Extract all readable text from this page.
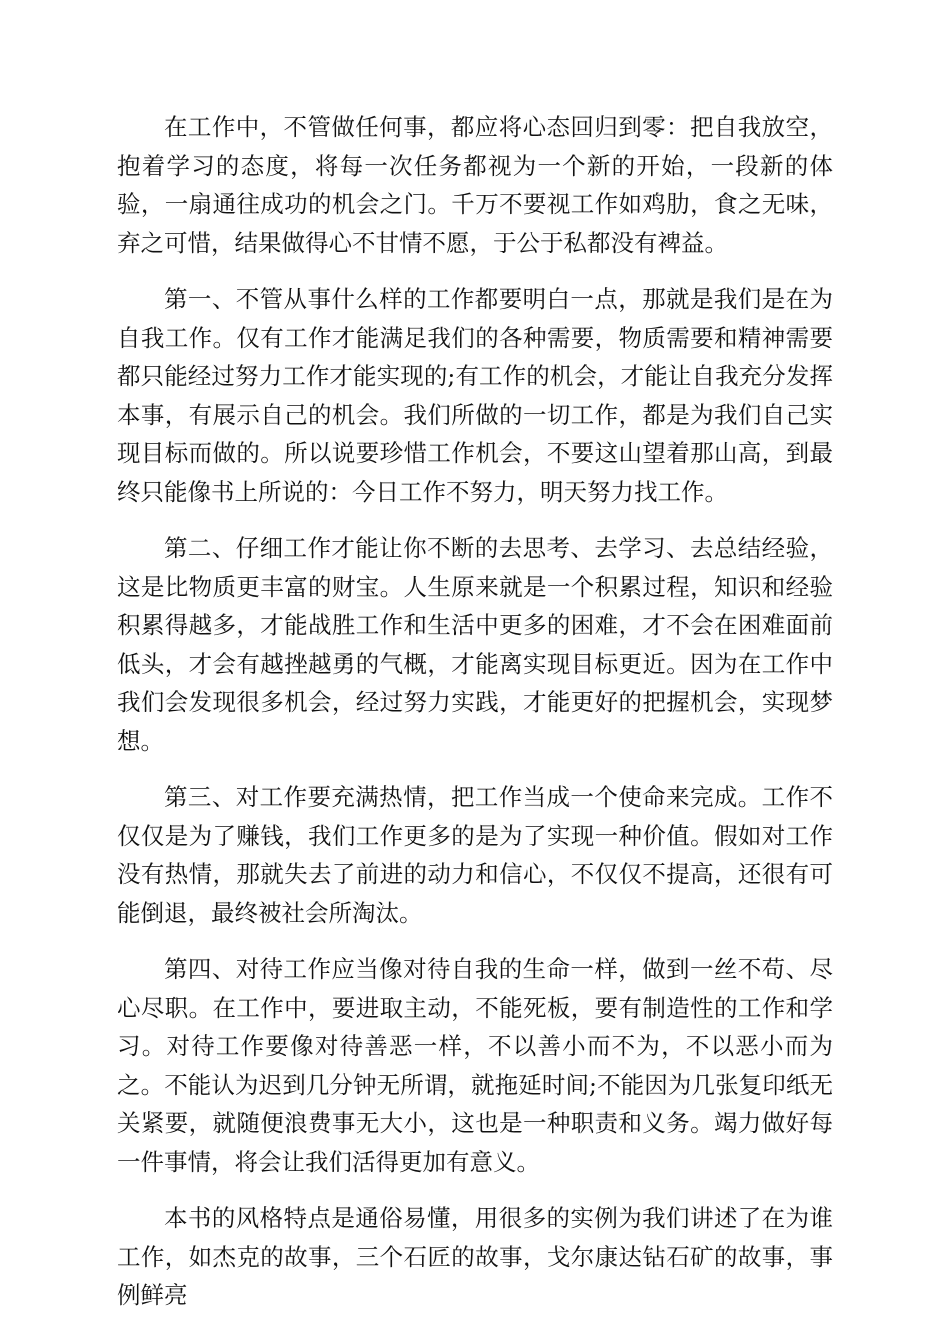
在工作中，不管做任何事，都应将心态回归到零：把自我放空，抱着学习的态度，将每一次任务都视为一个新的开始，一段新的体验，一扇通往成功的机会之门。千万不要视工作如鸡肋，食之无味，弃之可惜，结果做得心不甘情不愿，于公于私都没有裨益。

第一、不管从事什么样的工作都要明白一点，那就是我们是在为自我工作。仅有工作才能满足我们的各种需要，物质需要和精神需要都只能经过努力工作才能实现的;有工作的机会，才能让自我充分发挥本事，有展示自己的机会。我们所做的一切工作，都是为我们自己实现目标而做的。所以说要珍惜工作机会，不要这山望着那山高，到最终只能像书上所说的：今日工作不努力，明天努力找工作。

第二、仔细工作才能让你不断的去思考、去学习、去总结经验，这是比物质更丰富的财宝。人生原来就是一个积累过程，知识和经验积累得越多，才能战胜工作和生活中更多的困难，才不会在困难面前低头，才会有越挫越勇的气概，才能离实现目标更近。因为在工作中我们会发现很多机会，经过努力实践，才能更好的把握机会，实现梦想。

第三、对工作要充满热情，把工作当成一个使命来完成。工作不仅仅是为了赚钱，我们工作更多的是为了实现一种价值。假如对工作没有热情，那就失去了前进的动力和信心，不仅仅不提高，还很有可能倒退，最终被社会所淘汰。

第四、对待工作应当像对待自我的生命一样，做到一丝不苟、尽心尽职。在工作中，要进取主动，不能死板，要有制造性的工作和学习。对待工作要像对待善恶一样，不以善小而不为，不以恶小而为之。不能认为迟到几分钟无所谓，就拖延时间;不能因为几张复印纸无关紧要，就随便浪费事无大小，这也是一种职责和义务。竭力做好每一件事情，将会让我们活得更加有意义。

本书的风格特点是通俗易懂，用很多的实例为我们讲述了在为谁工作，如杰克的故事，三个石匠的故事，戈尔康达钻石矿的故事，事例鲜亮
